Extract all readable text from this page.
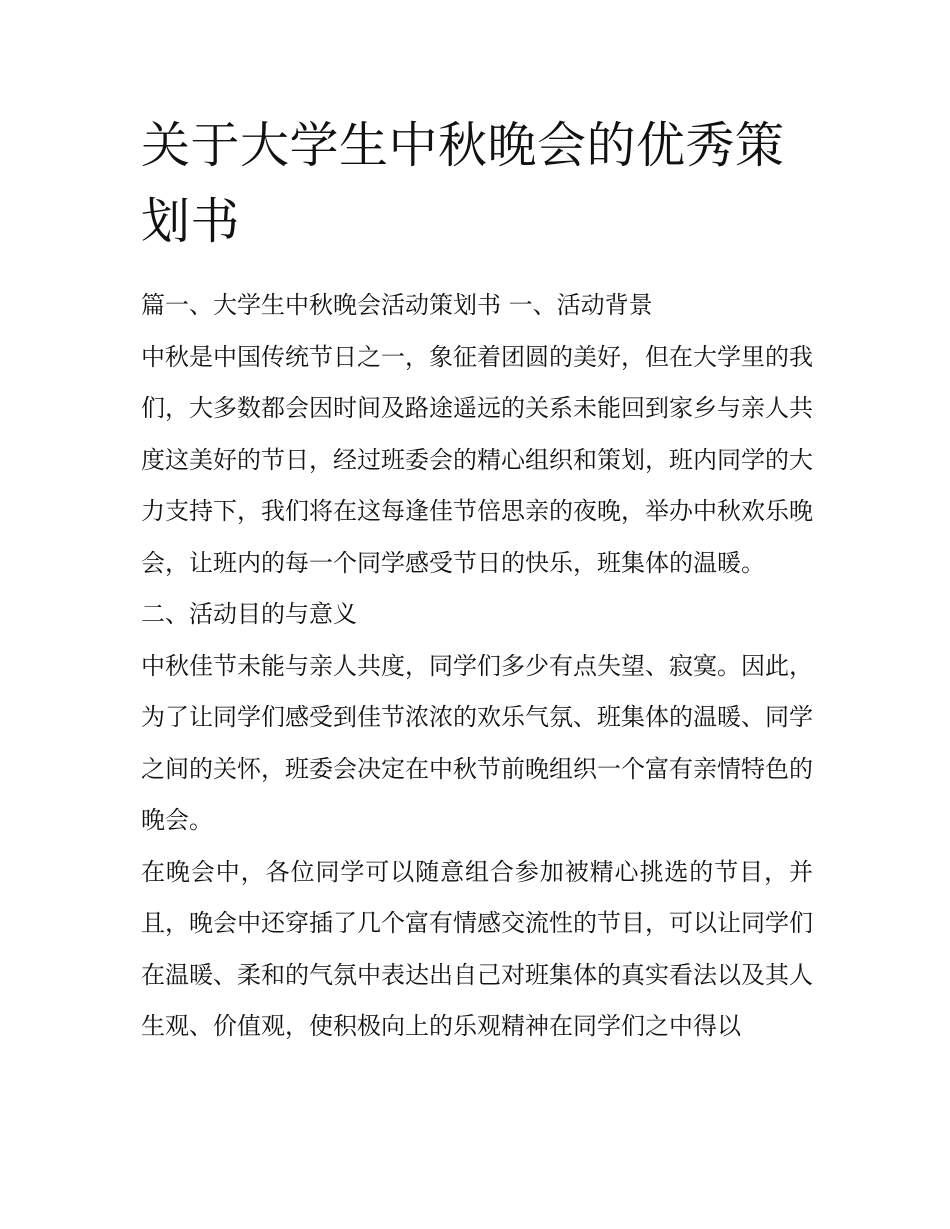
关于大学生中秋晚会的优秀策划书

篇一、大学生中秋晚会活动策划书 一、活动背景

中秋是中国传统节日之一，象征着团圆的美好，但在大学里的我们，大多数都会因时间及路途遥远的关系未能回到家乡与亲人共度这美好的节日，经过班委会的精心组织和策划，班内同学的大力支持下，我们将在这每逢佳节倍思亲的夜晚，举办中秋欢乐晚会，让班内的每一个同学感受节日的快乐，班集体的温暖。

二、活动目的与意义

中秋佳节未能与亲人共度，同学们多少有点失望、寂寞。因此，为了让同学们感受到佳节浓浓的欢乐气氛、班集体的温暖、同学之间的关怀，班委会决定在中秋节前晚组织一个富有亲情特色的晚会。

在晚会中，各位同学可以随意组合参加被精心挑选的节目，并且，晚会中还穿插了几个富有情感交流性的节目，可以让同学们在温暖、柔和的气氛中表达出自己对班集体的真实看法以及其人生观、价值观，使积极向上的乐观精神在同学们之中得以
